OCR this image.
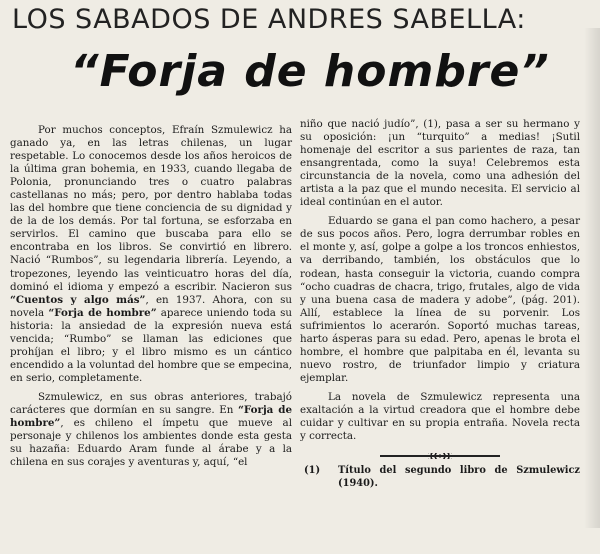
LOS SABADOS DE ANDRES SABELLA:
“Forja de hombre”

Por muchos conceptos, Efraín Szmulewicz ha ganado ya, en las letras chilenas, un lugar respetable. Lo conocemos desde los años heroicos de la última gran bohemia, en 1933, cuando llegaba de Polonia, pronunciando tres o cuatro palabras castellanas no más; pero, por dentro hablaba todas las del hombre que tiene conciencia de su dignidad y de la de los demás. Por tal fortuna, se esforzaba en servirlos. El camino que buscaba para ello se encontraba en los libros. Se convirtió en librero. Nació “Rumbos”, su legendaria librería. Leyendo, a tropezones, leyendo las veinticuatro horas del día, dominó el idioma y empezó a escribir. Nacieron sus “Cuentos y algo más”, en 1937. Ahora, con su novela “Forja de hombre” aparece uniendo toda su historia: la ansiedad de la expresión nueva está vencida; “Rumbo” se llaman las ediciones que prohíjan el libro; y el libro mismo es un cántico encendido a la voluntad del hombre que se empecina, en serio, completamente.

Szmulewicz, en sus obras anteriores, trabajó carácteres que dormían en su sangre. En “Forja de hombre”, es chileno el ímpetu que mueve al personaje y chilenos los ambientes donde esta gesta su hazaña: Eduardo Aram funde al árabe y a la chilena en sus corajes y aventuras y, aquí, “el

niño que nació judío”, (1), pasa a ser su hermano y su oposición: ¡un “turquito” a medias! ¡Sutil homenaje del escritor a sus parientes de raza, tan ensangrentada, como la suya! Celebremos esta circunstancia de la novela, como una adhesión del artista a la paz que el mundo necesita. El servicio al ideal continúan en el autor.

Eduardo se gana el pan como hachero, a pesar de sus pocos años. Pero, logra derrumbar robles en el monte y, así, golpe a golpe a los troncos enhiestos, va derribando, también, los obstáculos que lo rodean, hasta conseguir la victoria, cuando compra “ocho cuadras de chacra, trigo, frutales, algo de vida y una buena casa de madera y adobe”, (pág. 201). Allí, establece la línea de su porvenir. Los sufrimientos lo acerarón. Soportó muchas tareas, harto ásperas para su edad. Pero, apenas le brota el hombre, el hombre que palpitaba en él, levanta su nuevo rostro, de triunfador limpio y criatura ejemplar.

La novela de Szmulewicz representa una exaltación a la virtud creadora que el hombre debe cuidar y cultivar en su propia entraña. Novela recta y correcta.

(1) Título del segundo libro de Szmulewicz (1940).
